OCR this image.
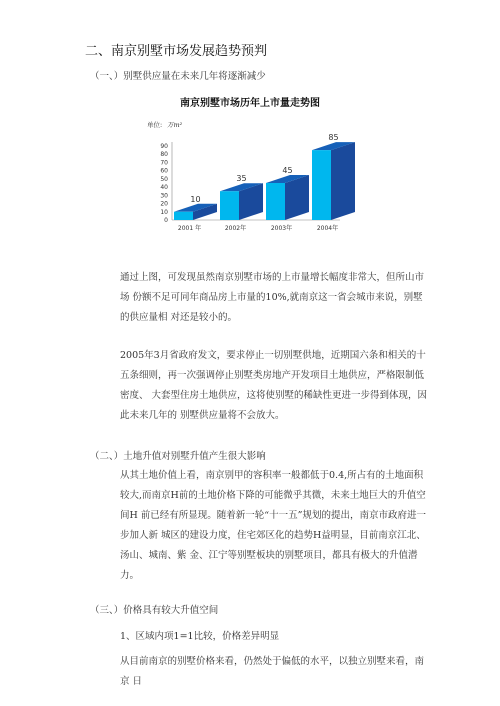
二、南京别墅市场发展趋势预判
（一、）别墅供应量在未来几年将逐渐减少
南京别墅市场历年上市量走势图
单位: 万m²
0
10
20
30
40
50
60
70
80
90
10
35
45
85
2001 年	2002年	2003年	2004年
通过上图，可发现虽然南京别墅市场的上市量增长幅度非常大，但所山市场 份额不足可同年商品房上市量的10%,就南京这一省会城市来说，别墅的供应量相 对还是较小的。
2005年3月省政府发文，要求停止一切别墅供地，近期国六条和相关的十 五条细则，再一次强调停止别墅类房地产开发项目土地供应，严格限制低密度、 大套型住房土地供应，这将使别墅的稀缺性更进一步得到体现，因此未来几年的 别墅供应量将不会放大。
（二、）土地升值对别墅升值产生很大影响
从其土地价值上看，南京别甲的容积率一般都低于0.4,所占有的土地面积 较大,而南京H前的土地价格下降的可能微乎其微，未来土地巨大的升值空间H 前已经有所显现。随着新一轮“十一五”规划的提出，南京市政府进一步加人新 城区的建设力度，住宅郊区化的趋势H益明显，目前南京江北、汤山、城南、紫 金、江宁等别墅板块的别墅项目，都具有极大的升值潜力。
（三、）价格具有较大升值空间
1、区域内项1=1比较，价格差异明显
从目前南京的别墅价格来看，仍然处于偏低的水平，以独立别墅来看，南京 日
